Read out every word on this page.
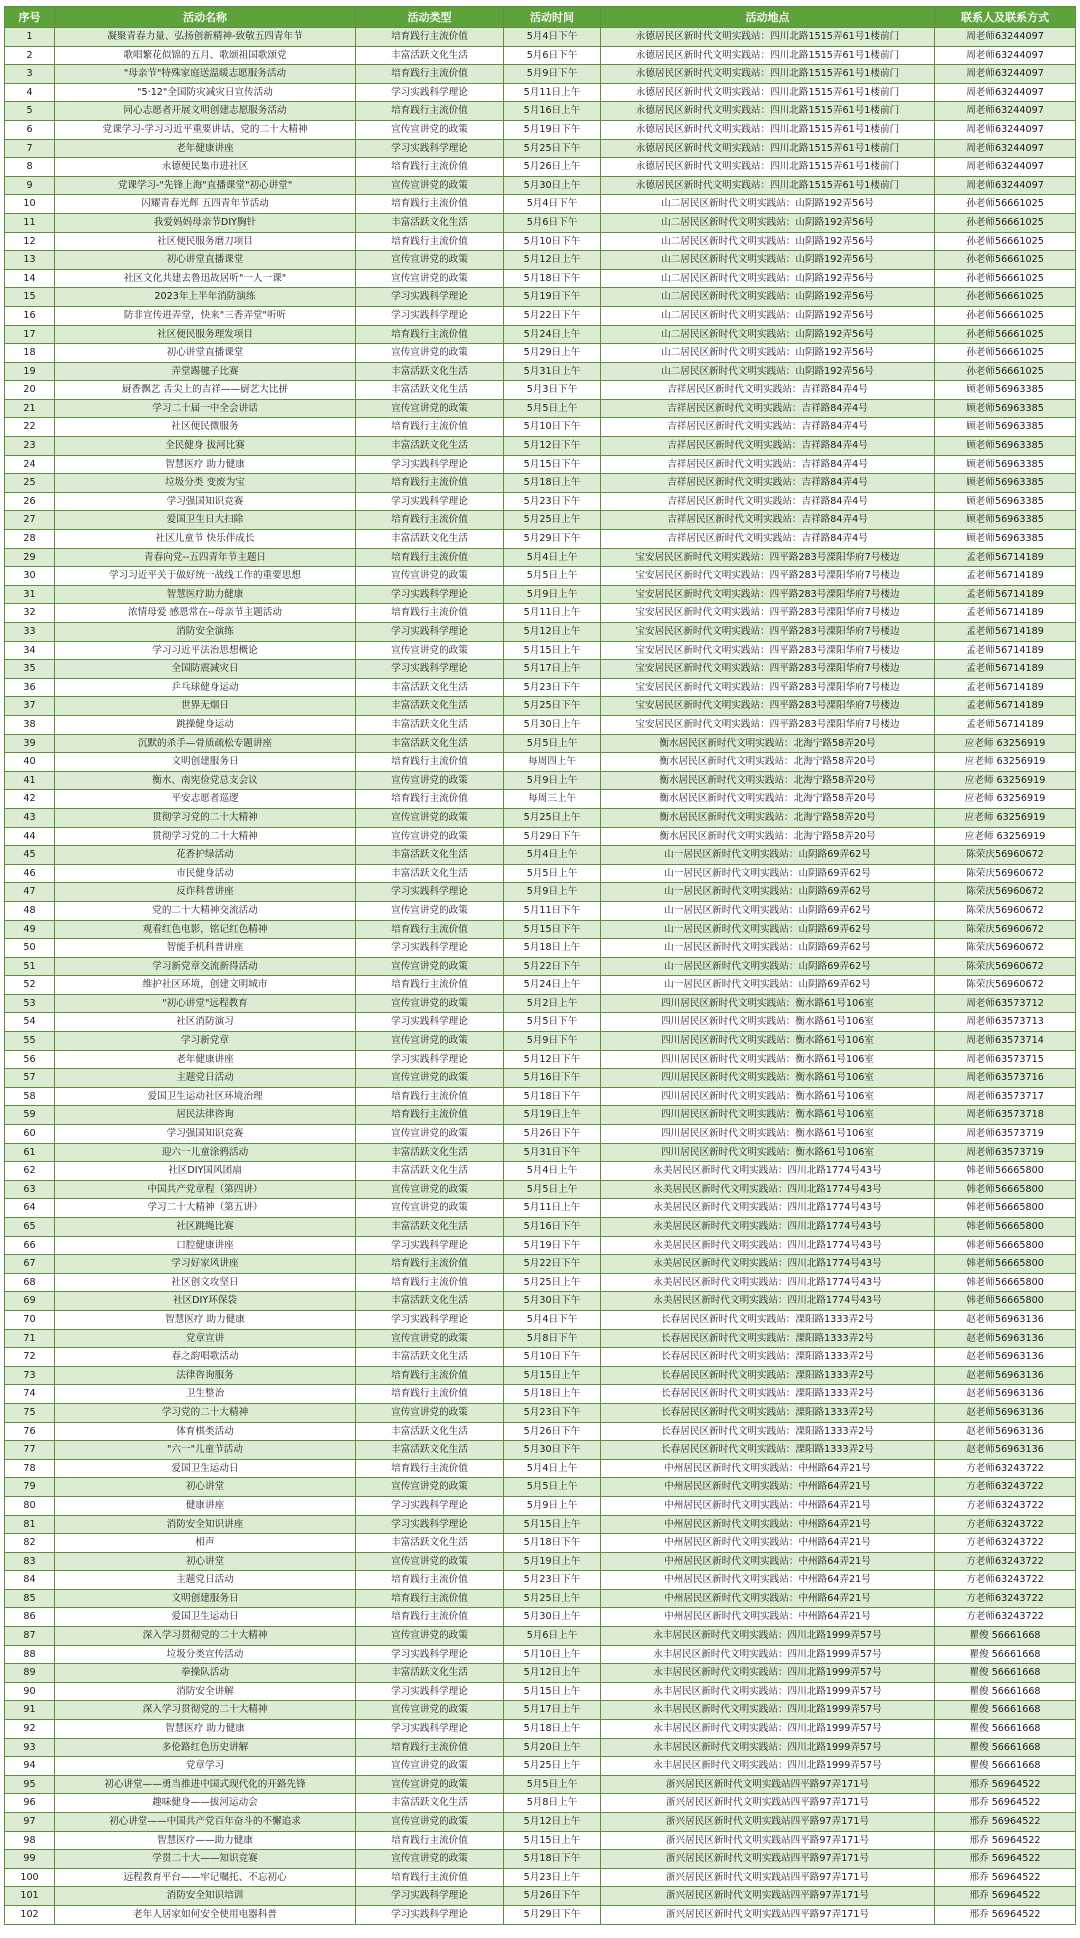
序号	活动名称	活动类型	活动时间	活动地点	联系人及联系方式
1	凝聚青春力量、弘扬创新精神-致敬五四青年节	培育践行主流价值	5月4日下午	永德居民区新时代文明实践站：四川北路1515弄61号1楼前门	周老师63244097
2	歌唱繁花似锦的五月、歌颂祖国歌颂党	丰富活跃文化生活	5月6日下午	永德居民区新时代文明实践站：四川北路1515弄61号1楼前门	周老师63244097
3	"母亲节"特殊家庭送温暖志愿服务活动	培育践行主流价值	5月9日下午	永德居民区新时代文明实践站：四川北路1515弄61号1楼前门	周老师63244097
4	"5·12"全国防灾减灾日宣传活动	学习实践科学理论	5月11日上午	永德居民区新时代文明实践站：四川北路1515弄61号1楼前门	周老师63244097
5	同心志愿者开展文明创建志愿服务活动	培育践行主流价值	5月16日上午	永德居民区新时代文明实践站：四川北路1515弄61号1楼前门	周老师63244097
6	党课学习-学习习近平重要讲话、党的二十大精神	宣传宣讲党的政策	5月19日下午	永德居民区新时代文明实践站：四川北路1515弄61号1楼前门	周老师63244097
7	老年健康讲座	学习实践科学理论	5月25日下午	永德居民区新时代文明实践站：四川北路1515弄61号1楼前门	周老师63244097
8	永德便民集市进社区	培育践行主流价值	5月26日上午	永德居民区新时代文明实践站：四川北路1515弄61号1楼前门	周老师63244097
9	党课学习-"先锋上海"直播课堂"初心讲堂"	宣传宣讲党的政策	5月30日上午	永德居民区新时代文明实践站：四川北路1515弄61号1楼前门	周老师63244097
10	闪耀青春光辉 五四青年节活动	培育践行主流价值	5月4日下午	山二居民区新时代文明实践站：山阴路192弄56号	孙老师56661025
11	我爱妈妈母亲节DIY胸针	丰富活跃文化生活	5月6日下午	山二居民区新时代文明实践站：山阴路192弄56号	孙老师56661025
12	社区便民服务磨刀项目	培育践行主流价值	5月10日下午	山二居民区新时代文明实践站：山阴路192弄56号	孙老师56661025
13	初心讲堂直播课堂	宣传宣讲党的政策	5月12日上午	山二居民区新时代文明实践站：山阴路192弄56号	孙老师56661025
14	社区文化共建去鲁迅故居听"一人一课"	宣传宣讲党的政策	5月18日下午	山二居民区新时代文明实践站：山阴路192弄56号	孙老师56661025
15	2023年上半年消防演练	学习实践科学理论	5月19日下午	山二居民区新时代文明实践站：山阴路192弄56号	孙老师56661025
16	防非宣传进弄堂，快来"三香弄堂"听听	学习实践科学理论	5月22日下午	山二居民区新时代文明实践站：山阴路192弄56号	孙老师56661025
17	社区便民服务理发项目	培育践行主流价值	5月24日上午	山二居民区新时代文明实践站：山阴路192弄56号	孙老师56661025
18	初心讲堂直播课堂	宣传宣讲党的政策	5月29日上午	山二居民区新时代文明实践站：山阴路192弄56号	孙老师56661025
19	弄堂踢毽子比赛	丰富活跃文化生活	5月31日上午	山二居民区新时代文明实践站：山阴路192弄56号	孙老师56661025
20	厨香飘艺 舌尖上的吉祥——厨艺大比拼	丰富活跃文化生活	5月3日下午	吉祥居民区新时代文明实践站：吉祥路84弄4号	顾老师56963385
21	学习二十届一中全会讲话	宣传宣讲党的政策	5月5日上午	吉祥居民区新时代文明实践站：吉祥路84弄4号	顾老师56963385
22	社区便民微服务	培育践行主流价值	5月10日下午	吉祥居民区新时代文明实践站：吉祥路84弄4号	顾老师56963385
23	全民健身 拔河比赛	丰富活跃文化生活	5月12日下午	吉祥居民区新时代文明实践站：吉祥路84弄4号	顾老师56963385
24	智慧医疗 助力健康	学习实践科学理论	5月15日下午	吉祥居民区新时代文明实践站：吉祥路84弄4号	顾老师56963385
25	垃圾分类 变废为宝	培育践行主流价值	5月18日上午	吉祥居民区新时代文明实践站：吉祥路84弄4号	顾老师56963385
26	学习强国知识竞赛	学习实践科学理论	5月23日下午	吉祥居民区新时代文明实践站：吉祥路84弄4号	顾老师56963385
27	爱国卫生日大扫除	培育践行主流价值	5月25日上午	吉祥居民区新时代文明实践站：吉祥路84弄4号	顾老师56963385
28	社区儿童节 快乐伴成长	丰富活跃文化生活	5月29日下午	吉祥居民区新时代文明实践站：吉祥路84弄4号	顾老师56963385
29	青春向党--五四青年节主题日	培育践行主流价值	5月4日上午	宝安居民区新时代文明实践站：四平路283号溧阳华府7号楼边	孟老师56714189
30	学习习近平关于做好统一战线工作的重要思想	宣传宣讲党的政策	5月5日上午	宝安居民区新时代文明实践站：四平路283号溧阳华府7号楼边	孟老师56714189
31	智慧医疗助力健康	学习实践科学理论	5月9日上午	宝安居民区新时代文明实践站：四平路283号溧阳华府7号楼边	孟老师56714189
32	浓情母爱 感恩常在--母亲节主题活动	培育践行主流价值	5月11日上午	宝安居民区新时代文明实践站：四平路283号溧阳华府7号楼边	孟老师56714189
33	消防安全演练	学习实践科学理论	5月12日上午	宝安居民区新时代文明实践站：四平路283号溧阳华府7号楼边	孟老师56714189
34	学习习近平法治思想概论	宣传宣讲党的政策	5月15日上午	宝安居民区新时代文明实践站：四平路283号溧阳华府7号楼边	孟老师56714189
35	全国防震减灾日	学习实践科学理论	5月17日上午	宝安居民区新时代文明实践站：四平路283号溧阳华府7号楼边	孟老师56714189
36	乒乓球健身运动	丰富活跃文化生活	5月23日下午	宝安居民区新时代文明实践站：四平路283号溧阳华府7号楼边	孟老师56714189
37	世界无烟日	丰富活跃文化生活	5月25日下午	宝安居民区新时代文明实践站：四平路283号溧阳华府7号楼边	孟老师56714189
38	跳操健身运动	丰富活跃文化生活	5月30日上午	宝安居民区新时代文明实践站：四平路283号溧阳华府7号楼边	孟老师56714189
39	沉默的杀手—骨质疏松专题讲座	丰富活跃文化生活	5月5日上午	衡水居民区新时代文明实践站：北海宁路58弄20号	应老师 63256919
40	文明创建服务日	培育践行主流价值	每周四上午	衡水居民区新时代文明实践站：北海宁路58弄20号	应老师 63256919
41	衡水、南宪俭党总支会议	宣传宣讲党的政策	5月9日上午	衡水居民区新时代文明实践站：北海宁路58弄20号	应老师 63256919
42	平安志愿者巡逻	培育践行主流价值	每周三上午	衡水居民区新时代文明实践站：北海宁路58弄20号	应老师 63256919
43	贯彻学习党的二十大精神	宣传宣讲党的政策	5月25日上午	衡水居民区新时代文明实践站：北海宁路58弄20号	应老师 63256919
44	贯彻学习党的二十大精神	宣传宣讲党的政策	5月29日下午	衡水居民区新时代文明实践站：北海宁路58弄20号	应老师 63256919
45	花香护绿活动	丰富活跃文化生活	5月4日上午	山一居民区新时代文明实践站：山阴路69弄62号	陈荣庆56960672
46	市民健身活动	丰富活跃文化生活	5月5日上午	山一居民区新时代文明实践站：山阴路69弄62号	陈荣庆56960672
47	反诈科普讲座	学习实践科学理论	5月9日上午	山一居民区新时代文明实践站：山阴路69弄62号	陈荣庆56960672
48	党的二十大精神交流活动	宣传宣讲党的政策	5月11日下午	山一居民区新时代文明实践站：山阴路69弄62号	陈荣庆56960672
49	观看红色电影，铭记红色精神	培育践行主流价值	5月15日下午	山一居民区新时代文明实践站：山阴路69弄62号	陈荣庆56960672
50	智能手机科普讲座	学习实践科学理论	5月18日上午	山一居民区新时代文明实践站：山阴路69弄62号	陈荣庆56960672
51	学习新党章交流新得活动	宣传宣讲党的政策	5月22日下午	山一居民区新时代文明实践站：山阴路69弄62号	陈荣庆56960672
52	维护社区环境，创建文明城市	培育践行主流价值	5月24日上午	山一居民区新时代文明实践站：山阴路69弄62号	陈荣庆56960672
53	"初心讲堂"远程教育	宣传宣讲党的政策	5月2日上午	四川居民区新时代文明实践站：衡水路61号106室	周老师63573712
54	社区消防演习	学习实践科学理论	5月5日下午	四川居民区新时代文明实践站：衡水路61号106室	周老师63573713
55	学习新党章	宣传宣讲党的政策	5月9日下午	四川居民区新时代文明实践站：衡水路61号106室	周老师63573714
56	老年健康讲座	学习实践科学理论	5月12日下午	四川居民区新时代文明实践站：衡水路61号106室	周老师63573715
57	主题党日活动	宣传宣讲党的政策	5月16日下午	四川居民区新时代文明实践站：衡水路61号106室	周老师63573716
58	爱国卫生运动社区环境治理	培育践行主流价值	5月18日下午	四川居民区新时代文明实践站：衡水路61号106室	周老师63573717
59	居民法律咨询	培育践行主流价值	5月19日上午	四川居民区新时代文明实践站：衡水路61号106室	周老师63573718
60	学习强国知识竞赛	宣传宣讲党的政策	5月26日下午	四川居民区新时代文明实践站：衡水路61号106室	周老师63573719
61	迎六一儿童涂鸦活动	丰富活跃文化生活	5月31日下午	四川居民区新时代文明实践站：衡水路61号106室	周老师63573719
62	社区DIY国风团扇	丰富活跃文化生活	5月4日上午	永美居民区新时代文明实践站：四川北路1774号43号	韩老师56665800
63	中国共产党章程（第四讲）	宣传宣讲党的政策	5月5日上午	永美居民区新时代文明实践站：四川北路1774号43号	韩老师56665800
64	学习二十大精神（第五讲）	宣传宣讲党的政策	5月11日上午	永美居民区新时代文明实践站：四川北路1774号43号	韩老师56665800
65	社区跳绳比赛	丰富活跃文化生活	5月16日下午	永美居民区新时代文明实践站：四川北路1774号43号	韩老师56665800
66	口腔健康讲座	学习实践科学理论	5月19日下午	永美居民区新时代文明实践站：四川北路1774号43号	韩老师56665800
67	学习好家风讲座	培育践行主流价值	5月22日下午	永美居民区新时代文明实践站：四川北路1774号43号	韩老师56665800
68	社区创文攻坚日	培育践行主流价值	5月25日上午	永美居民区新时代文明实践站：四川北路1774号43号	韩老师56665800
69	社区DIY环保袋	丰富活跃文化生活	5月30日下午	永美居民区新时代文明实践站：四川北路1774号43号	韩老师56665800
70	智慧医疗 助力健康	学习实践科学理论	5月4日下午	长春居民区新时代文明实践站：溧阳路1333弄2号	赵老师56963136
71	党章宣讲	宣传宣讲党的政策	5月8日下午	长春居民区新时代文明实践站：溧阳路1333弄2号	赵老师56963136
72	春之韵唱歌活动	丰富活跃文化生活	5月10日下午	长春居民区新时代文明实践站：溧阳路1333弄2号	赵老师56963136
73	法律咨询服务	培育践行主流价值	5月15日上午	长春居民区新时代文明实践站：溧阳路1333弄2号	赵老师56963136
74	卫生整治	培育践行主流价值	5月18日上午	长春居民区新时代文明实践站：溧阳路1333弄2号	赵老师56963136
75	学习党的二十大精神	宣传宣讲党的政策	5月23日下午	长春居民区新时代文明实践站：溧阳路1333弄2号	赵老师56963136
76	体育棋类活动	丰富活跃文化生活	5月26日下午	长春居民区新时代文明实践站：溧阳路1333弄2号	赵老师56963136
77	"六一"儿童节活动	丰富活跃文化生活	5月30日下午	长春居民区新时代文明实践站：溧阳路1333弄2号	赵老师56963136
78	爱国卫生运动日	培育践行主流价值	5月4日上午	中州居民区新时代文明实践站：中州路64弄21号	方老师63243722
79	初心讲堂	宣传宣讲党的政策	5月5日上午	中州居民区新时代文明实践站：中州路64弄21号	方老师63243722
80	健康讲座	学习实践科学理论	5月9日上午	中州居民区新时代文明实践站：中州路64弄21号	方老师63243722
81	消防安全知识讲座	学习实践科学理论	5月15日上午	中州居民区新时代文明实践站：中州路64弄21号	方老师63243722
82	相声	丰富活跃文化生活	5月18日下午	中州居民区新时代文明实践站：中州路64弄21号	方老师63243722
83	初心讲堂	宣传宣讲党的政策	5月19日上午	中州居民区新时代文明实践站：中州路64弄21号	方老师63243722
84	主题党日活动	培育践行主流价值	5月23日下午	中州居民区新时代文明实践站：中州路64弄21号	方老师63243722
85	文明创建服务日	培育践行主流价值	5月25日上午	中州居民区新时代文明实践站：中州路64弄21号	方老师63243722
86	爱国卫生运动日	培育践行主流价值	5月30日上午	中州居民区新时代文明实践站：中州路64弄21号	方老师63243722
87	深入学习贯彻党的二十大精神	宣传宣讲党的政策	5月6日上午	永丰居民区新时代文明实践站：四川北路1999弄57号	瞿俊 56661668
88	垃圾分类宣传活动	学习实践科学理论	5月10日上午	永丰居民区新时代文明实践站：四川北路1999弄57号	瞿俊 56661668
89	拳操队活动	丰富活跃文化生活	5月12日上午	永丰居民区新时代文明实践站：四川北路1999弄57号	瞿俊 56661668
90	消防安全讲解	学习实践科学理论	5月15日上午	永丰居民区新时代文明实践站：四川北路1999弄57号	瞿俊 56661668
91	深入学习贯彻党的二十大精神	宣传宣讲党的政策	5月17日上午	永丰居民区新时代文明实践站：四川北路1999弄57号	瞿俊 56661668
92	智慧医疗 助力健康	学习实践科学理论	5月18日上午	永丰居民区新时代文明实践站：四川北路1999弄57号	瞿俊 56661668
93	多伦路红色历史讲解	培育践行主流价值	5月20日上午	永丰居民区新时代文明实践站：四川北路1999弄57号	瞿俊 56661668
94	党章学习	宣传宣讲党的政策	5月25日上午	永丰居民区新时代文明实践站：四川北路1999弄57号	瞿俊 56661668
95	初心讲堂——勇当推进中国式现代化的开路先锋	宣传宣讲党的政策	5月5日上午	浙兴居民区新时代文明实践站四平路97弄171号	邢乔 56964522
96	趣味健身——拔河运动会	丰富活跃文化生活	5月8日上午	浙兴居民区新时代文明实践站四平路97弄171号	邢乔 56964522
97	初心讲堂——中国共产党百年奋斗的不懈追求	宣传宣讲党的政策	5月12日上午	浙兴居民区新时代文明实践站四平路97弄171号	邢乔 56964522
98	智慧医疗——助力健康	培育践行主流价值	5月15日上午	浙兴居民区新时代文明实践站四平路97弄171号	邢乔 56964522
99	学贯二十大——知识竞赛	宣传宣讲党的政策	5月18日下午	浙兴居民区新时代文明实践站四平路97弄171号	邢乔 56964522
100	远程教育平台——牢记嘱托、不忘初心	培育践行主流价值	5月23日上午	浙兴居民区新时代文明实践站四平路97弄171号	邢乔 56964522
101	消防安全知识培训	学习实践科学理论	5月26日下午	浙兴居民区新时代文明实践站四平路97弄171号	邢乔 56964522
102	老年人居家如何安全使用电器科普	学习实践科学理论	5月29日下午	浙兴居民区新时代文明实践站四平路97弄171号	邢乔 56964522
